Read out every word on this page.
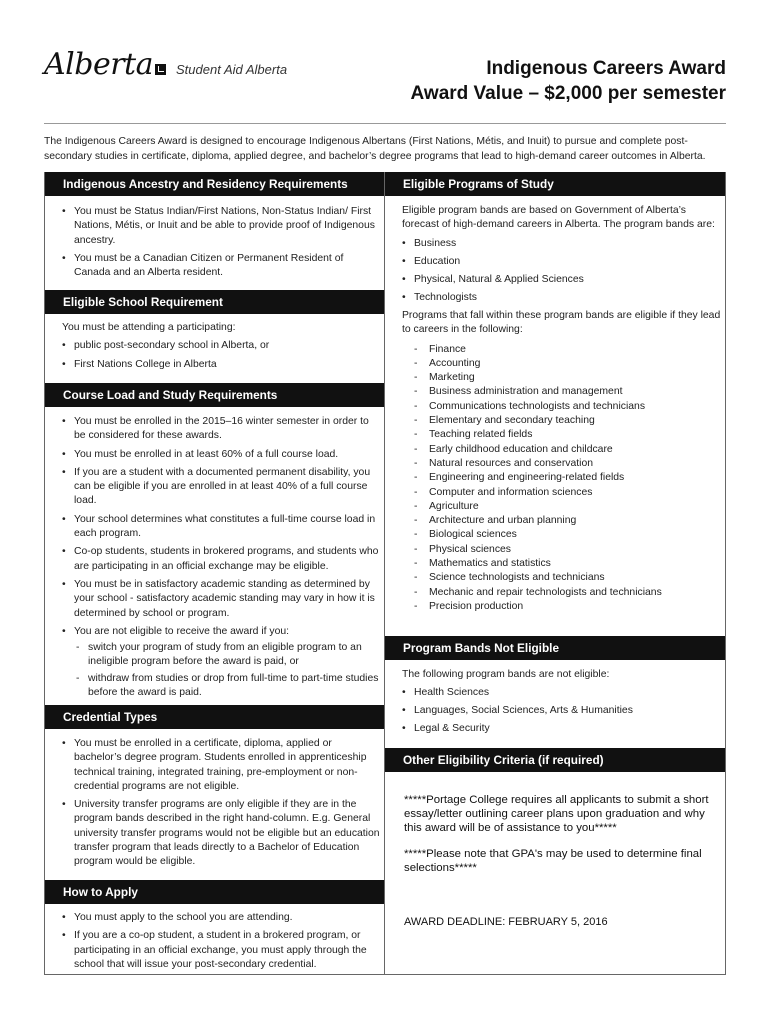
Alberta Student Aid Alberta	Indigenous Careers Award
Award Value – $2,000 per semester
The Indigenous Careers Award is designed to encourage Indigenous Albertans (First Nations, Métis, and Inuit) to pursue and complete post-secondary studies in certificate, diploma, applied degree, and bachelor’s degree programs that lead to high-demand career outcomes in Alberta.
Indigenous Ancestry and Residency Requirements
• You must be Status Indian/First Nations, Non-Status Indian/ First Nations, Métis, or Inuit and be able to provide proof of Indigenous ancestry.
• You must be a Canadian Citizen or Permanent Resident of Canada and an Alberta resident.
Eligible School Requirement

You must be attending a participating:

• public post-secondary school in Alberta, or
• First Nations College in Alberta
Course Load and Study Requirements
• You must be enrolled in the 2015–16 winter semester in order to be considered for these awards.
• You must be enrolled in at least 60% of a full course load.
• If you are a student with a documented permanent disability, you can be eligible if you are enrolled in at least 40% of a full course load.
• Your school determines what constitutes a full-time course load in each program.
• Co-op students, students in brokered programs, and students who are participating in an official exchange may be eligible.
• You must be in satisfactory academic standing as determined by your school - satisfactory academic standing may vary in how it is determined by school or program.
• You are not eligible to receive the award if you:
- switch your program of study from an eligible program to an ineligible program before the award is paid, or
- withdraw from studies or drop from full-time to part-time studies before the award is paid.
Credential Types
• You must be enrolled in a certificate, diploma, applied or bachelor’s degree program. Students enrolled in apprenticeship technical training, integrated training, pre-employment or non-credential programs are not eligible.
• University transfer programs are only eligible if they are in the program bands described in the right hand-column. E.g. General university transfer programs would not be eligible but an education transfer program that leads directly to a Bachelor of Education program would be eligible.
How to Apply
• You must apply to the school you are attending.
• If you are a co-op student, a student in a brokered program, or participating in an official exchange, you must apply through the school that will issue your post-secondary credential.
Eligible Programs of Study

Eligible program bands are based on Government of Alberta’s forecast of high-demand careers in Alberta. The program bands are:

• Business
• Education
• Physical, Natural & Applied Sciences
• Technologists

Programs that fall within these program bands are eligible if they lead to careers in the following:

- Finance
- Accounting
- Marketing
- Business administration and management
- Communications technologists and technicians
- Elementary and secondary teaching
- Teaching related fields
- Early childhood education and childcare
- Natural resources and conservation
- Engineering and engineering-related fields
- Computer and information sciences
- Agriculture
- Architecture and urban planning
- Biological sciences
- Physical sciences
- Mathematics and statistics
- Science technologists and technicians
- Mechanic and repair technologists and technicians
- Precision production
Program Bands Not Eligible

The following program bands are not eligible:

• Health Sciences
• Languages, Social Sciences, Arts & Humanities
• Legal & Security
Other Eligibility Criteria (if required)
*****Portage College requires all applicants to submit a short essay/letter outlining career plans upon graduation and why this award will be of assistance to you*****
*****Please note that GPA's may be used to determine final selections*****
AWARD DEADLINE: FEBRUARY 5, 2016
